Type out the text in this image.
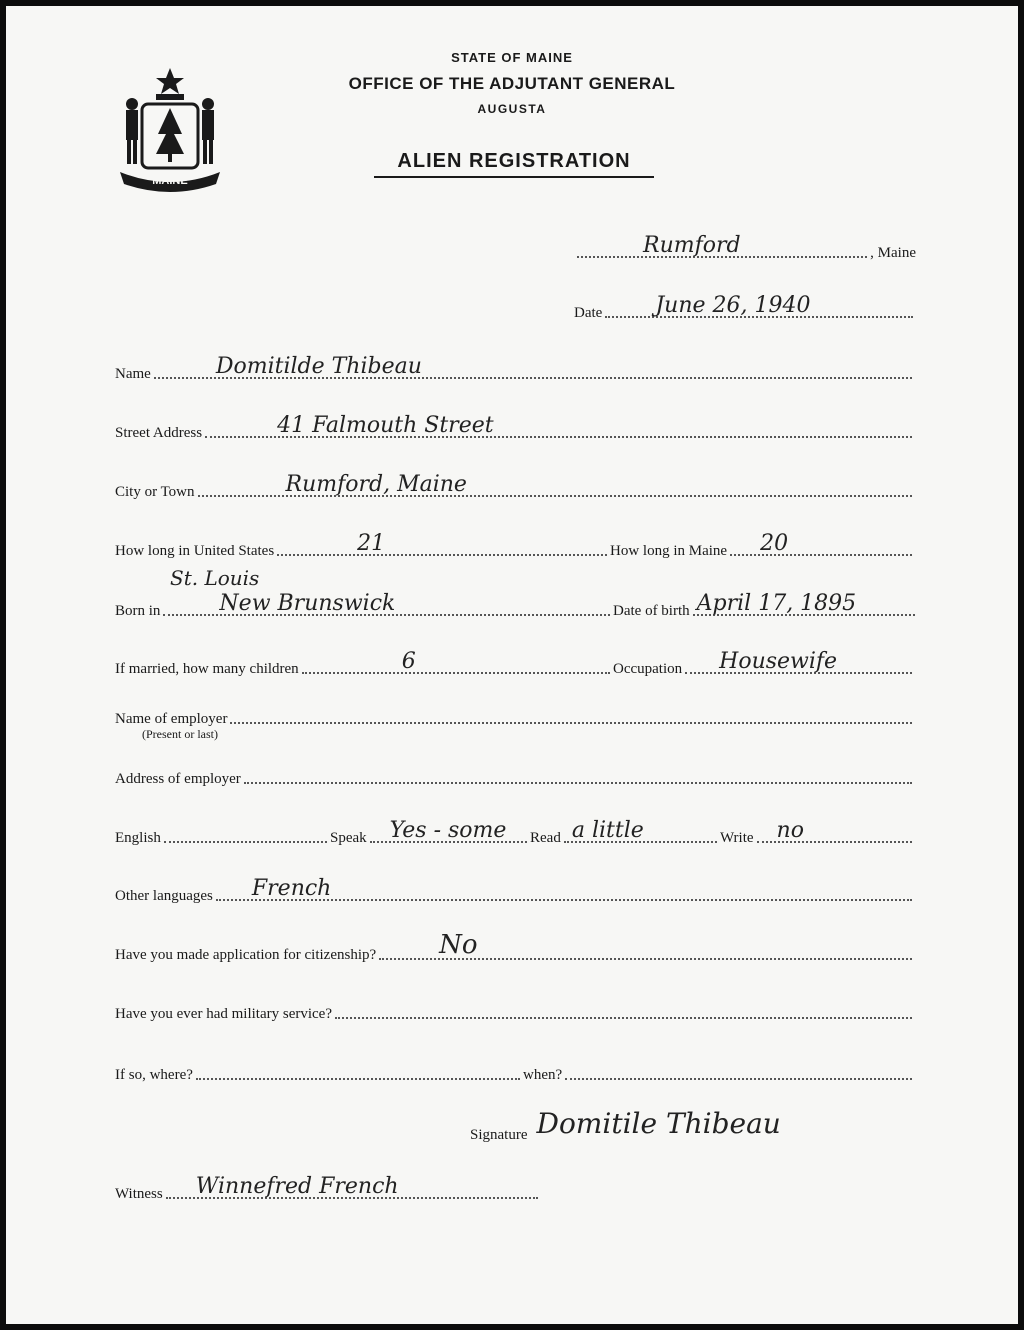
MAINE
STATE OF MAINE
OFFICE OF THE ADJUTANT GENERAL
AUGUSTA
ALIEN REGISTRATION
Rumford	, Maine
Date June 26, 1940
Name	Domitilde Thibeau
Street Address	41 Falmouth Street
City or Town	Rumford, Maine
How long in United States	21	How long in Maine 20
St. Louis
Born in	New Brunswick	Date of birth April 17, 1895
If married, how many children	6	Occupation Housewife
Name of employer
(Present or last)
Address of employer
English	Speak Yes - some Read a little	Write no
Other languages French
Have you made application for citizenship? No
Have you ever had military service?
If so, where?	when?
Signature Domitile Thibeau
Witness Winnefred French
